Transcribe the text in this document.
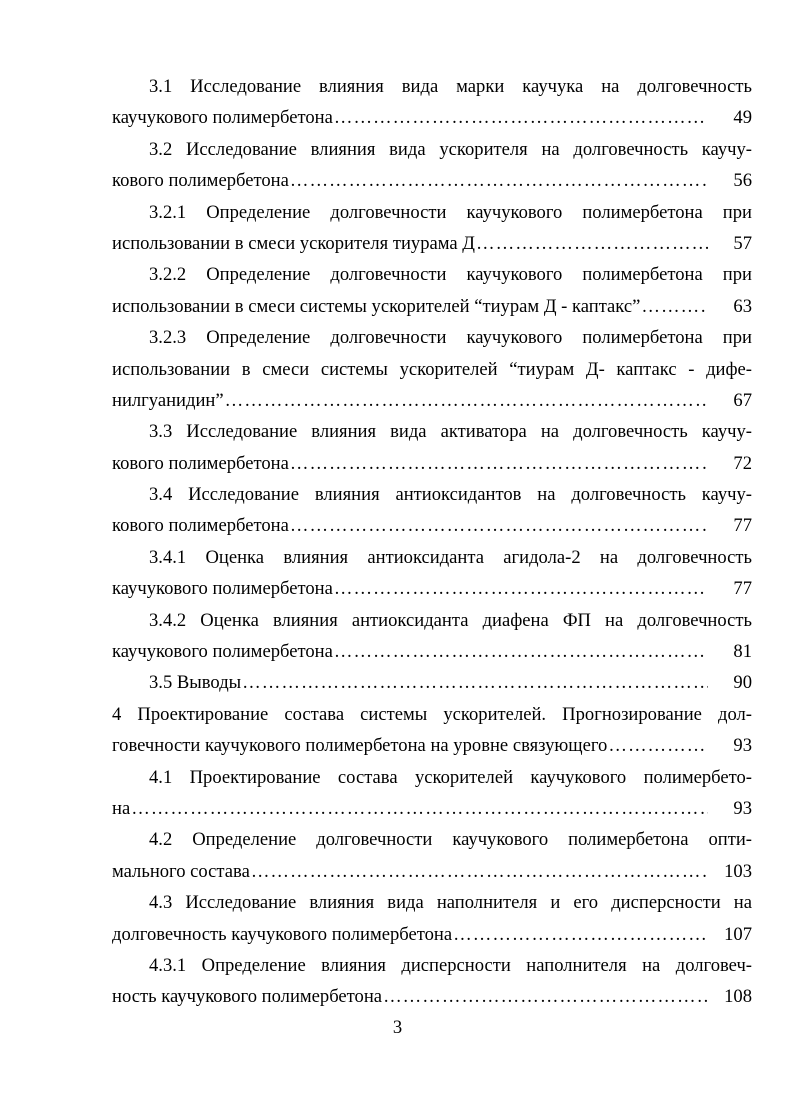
3.1 Исследование влияния вида марки каучука на долговечность
каучукового полимербетона ………………………………………………………………………………………………………………………………………………………………………………………………………	49
3.2 Исследование влияния вида ускорителя на долговечность каучу-
кового полимербетона ………………………………………………………………………………………………………………………………………………………………………………………………………	56
3.2.1 Определение долговечности каучукового полимербетона при
использовании в смеси ускорителя тиурама Д ………………………………………………………………………………………………………………………………………………………………………………………………………	57
3.2.2 Определение долговечности каучукового полимербетона при
использовании в смеси системы ускорителей “тиурам Д - каптакс” ………………………………………………………………………………………………………………………………………………………………………………………………………	63
3.2.3 Определение долговечности каучукового полимербетона при
использовании в смеси системы ускорителей “тиурам Д- каптакс - дифе-
нилгуанидин” ………………………………………………………………………………………………………………………………………………………………………………………………………	67
3.3 Исследование влияния вида активатора на долговечность каучу-
кового полимербетона ………………………………………………………………………………………………………………………………………………………………………………………………………	72
3.4 Исследование влияния антиоксидантов на долговечность каучу-
кового полимербетона ………………………………………………………………………………………………………………………………………………………………………………………………………	77
3.4.1 Оценка влияния антиоксиданта агидола-2 на долговечность
каучукового полимербетона ………………………………………………………………………………………………………………………………………………………………………………………………………	77
3.4.2 Оценка влияния антиоксиданта диафена ФП на долговечность
каучукового полимербетона ………………………………………………………………………………………………………………………………………………………………………………………………………	81
3.5 Выводы ………………………………………………………………………………………………………………………………………………………………………………………………………	90
4 Проектирование состава системы ускорителей. Прогнозирование дол-
говечности каучукового полимербетона на уровне связующего ………………………………………………………………………………………………………………………………………………………………………………………………………	93
4.1 Проектирование состава ускорителей каучукового полимербето-
на ………………………………………………………………………………………………………………………………………………………………………………………………………	93
4.2 Определение долговечности каучукового полимербетона опти-
мального состава ………………………………………………………………………………………………………………………………………………………………………………………………………	103
4.3 Исследование влияния вида наполнителя и его дисперсности на
долговечность каучукового полимербетона ………………………………………………………………………………………………………………………………………………………………………………………………………	107
4.3.1 Определение влияния дисперсности наполнителя на долговеч-
ность каучукового полимербетона ………………………………………………………………………………………………………………………………………………………………………………………………………	108
3
